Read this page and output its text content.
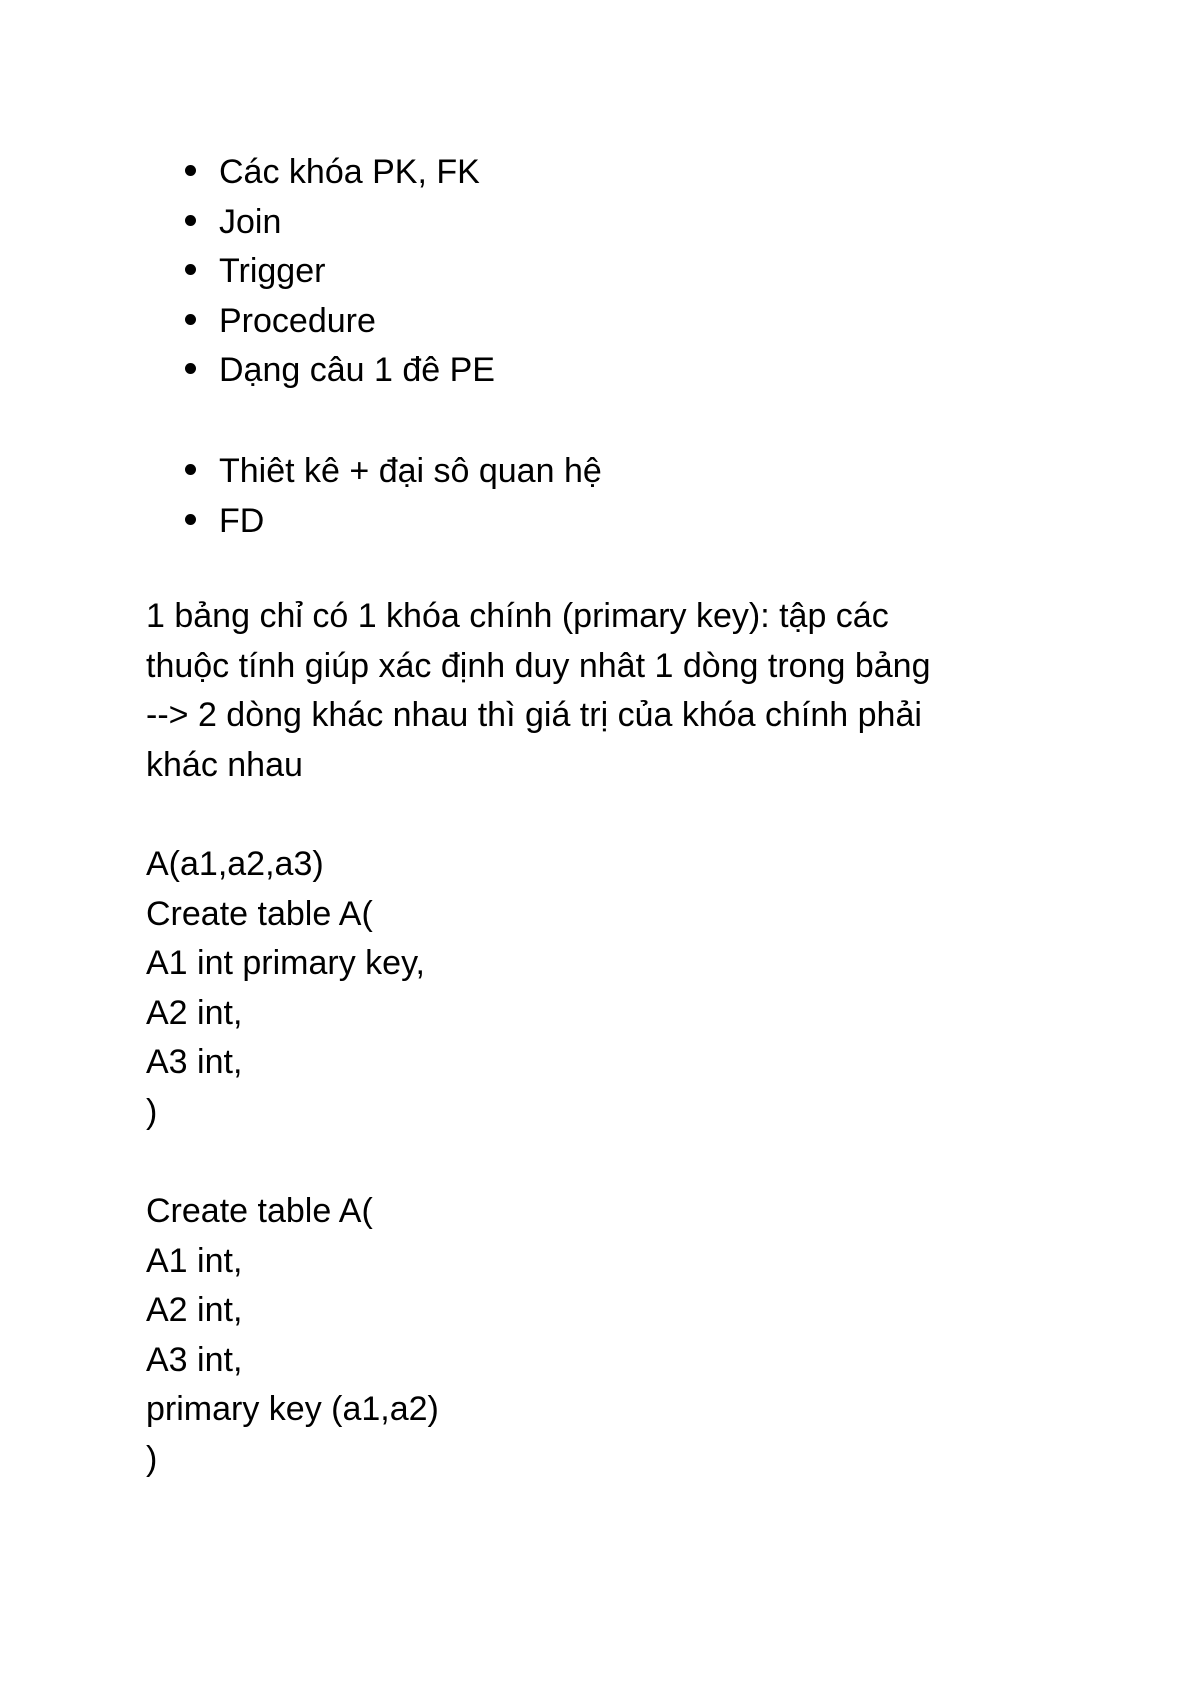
Các khóa PK, FK
Join
Trigger
Procedure
Dạng câu 1 đê PE
Thiêt kê + đại sô quan hệ
FD
1 bảng chỉ có 1 khóa chính (primary key): tập các
thuộc tính giúp xác định duy nhât 1 dòng trong bảng
--> 2 dòng khác nhau thì giá trị của khóa chính phải
khác nhau
A(a1,a2,a3)
Create table A(
A1 int primary key,
A2 int,
A3 int,
)
Create table A(
A1 int,
A2 int,
A3 int,
primary key (a1,a2)
)
